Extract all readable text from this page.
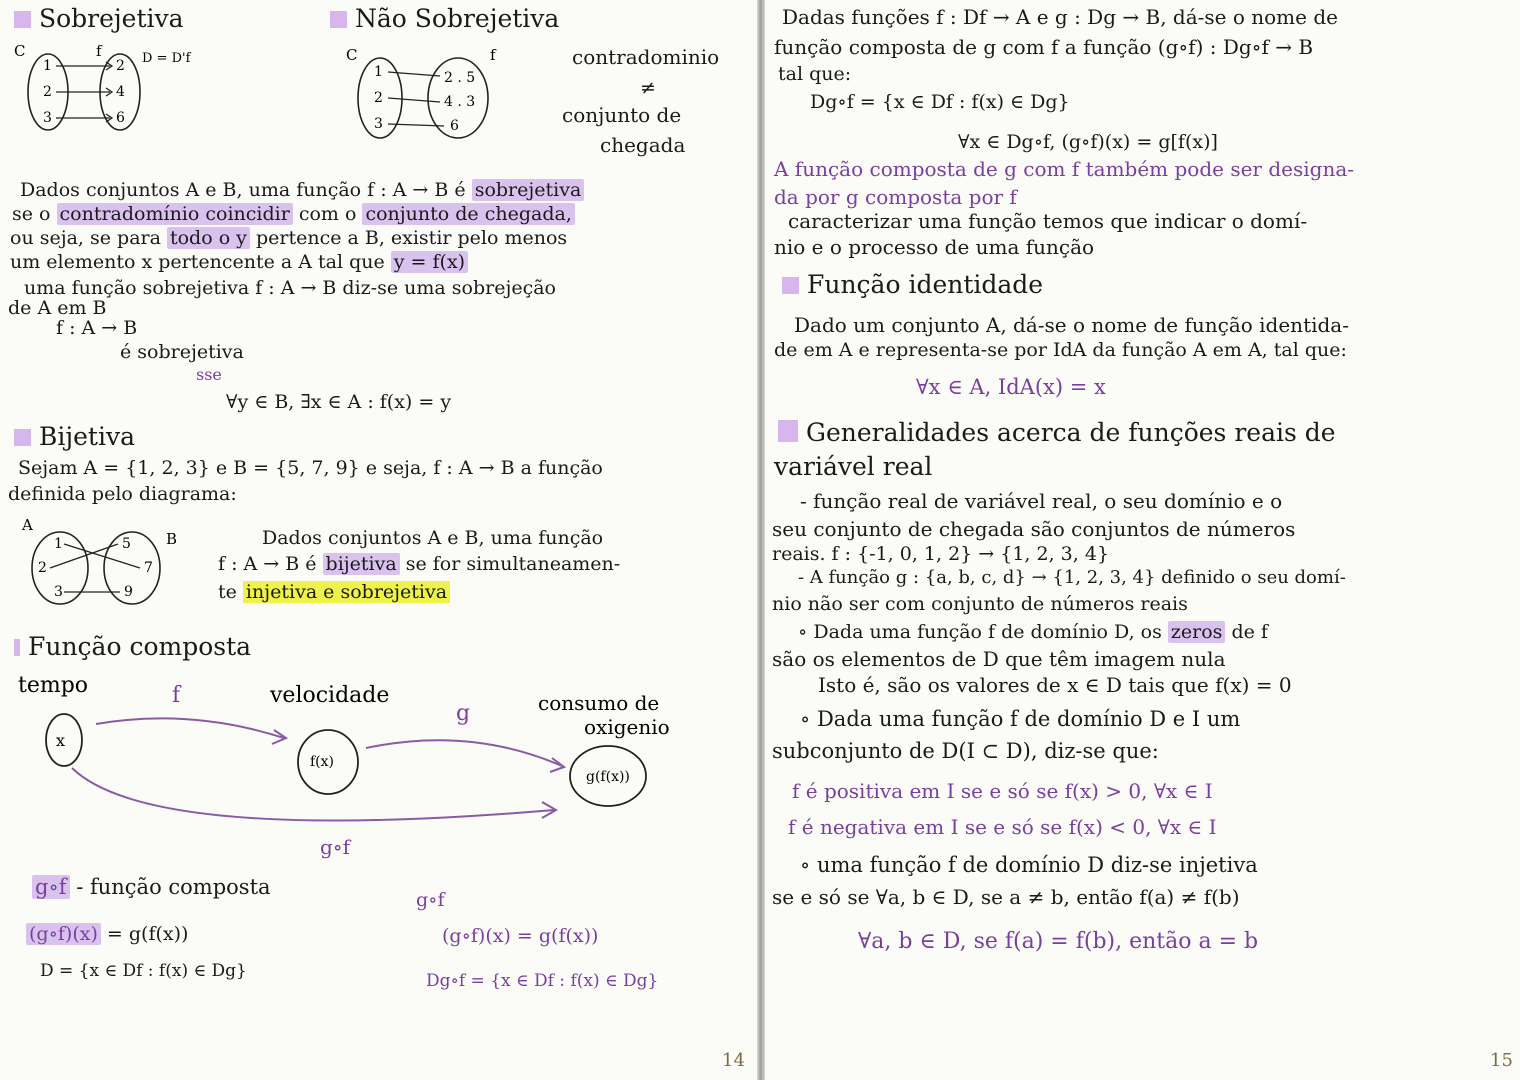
Sobrejetiva
C	f	D = D'f
1
2
3
2
4
6
Não Sobrejetiva
C	f
1
2
3
2 . 5
4 . 3
6
contradominio
≠
conjunto de
chegada
Dados conjuntos A e B, uma função f : A → B é sobrejetiva
se o contradomínio coincidir com o conjunto de chegada,
ou seja, se para todo o y pertence a B, existir pelo menos
um elemento x pertencente a A tal que y = f(x)
uma função sobrejetiva f : A → B diz-se uma sobrejeção
de A em B
f : A → B
é sobrejetiva
sse
∀y ∈ B, ∃x ∈ A : f(x) = y
Bijetiva
Sejam A = {1, 2, 3} e B = {5, 7, 9} e seja, f : A → B a função
definida pelo diagrama:
A
B
1
2
3
5
7
9
Dados conjuntos A e B, uma função
f : A → B é bijetiva se for simultaneamen-
te injetiva e sobrejetiva
Função composta
tempo	f	velocidade
g	consumo de
oxigenio
x
f(x)
g(f(x))
g∘f
g∘f - função composta
(g∘f)(x) = g(f(x))
D = {x ∈ Df : f(x) ∈ Dg}
g∘f
(g∘f)(x) = g(f(x))
Dg∘f = {x ∈ Df : f(x) ∈ Dg}
14
Dadas funções f : Df → A e g : Dg → B, dá-se o nome de
função composta de g com f a função (g∘f) : Dg∘f → B
tal que:
Dg∘f = {x ∈ Df : f(x) ∈ Dg}
∀x ∈ Dg∘f, (g∘f)(x) = g[f(x)]
A função composta de g com f também pode ser designa-
da por g composta por f
caracterizar uma função temos que indicar o domí-
nio e o processo de uma função
Função identidade
Dado um conjunto A, dá-se o nome de função identida-
de em A e representa-se por IdA da função A em A, tal que:
∀x ∈ A, IdA(x) = x
Generalidades acerca de funções reais de
variável real
- função real de variável real, o seu domínio e o
seu conjunto de chegada são conjuntos de números
reais. f : {-1, 0, 1, 2} → {1, 2, 3, 4}
- A função g : {a, b, c, d} → {1, 2, 3, 4} definido o seu domí-
nio não ser com conjunto de números reais
∘ Dada uma função f de domínio D, os zeros de f
são os elementos de D que têm imagem nula
Isto é, são os valores de x ∈ D tais que f(x) = 0
∘ Dada uma função f de domínio D e I um
subconjunto de D(I ⊂ D), diz-se que:
f é positiva em I se e só se f(x) > 0, ∀x ∈ I
f é negativa em I se e só se f(x) < 0, ∀x ∈ I
∘ uma função f de domínio D diz-se injetiva
se e só se ∀a, b ∈ D, se a ≠ b, então f(a) ≠ f(b)
∀a, b ∈ D, se f(a) = f(b), então a = b
15
